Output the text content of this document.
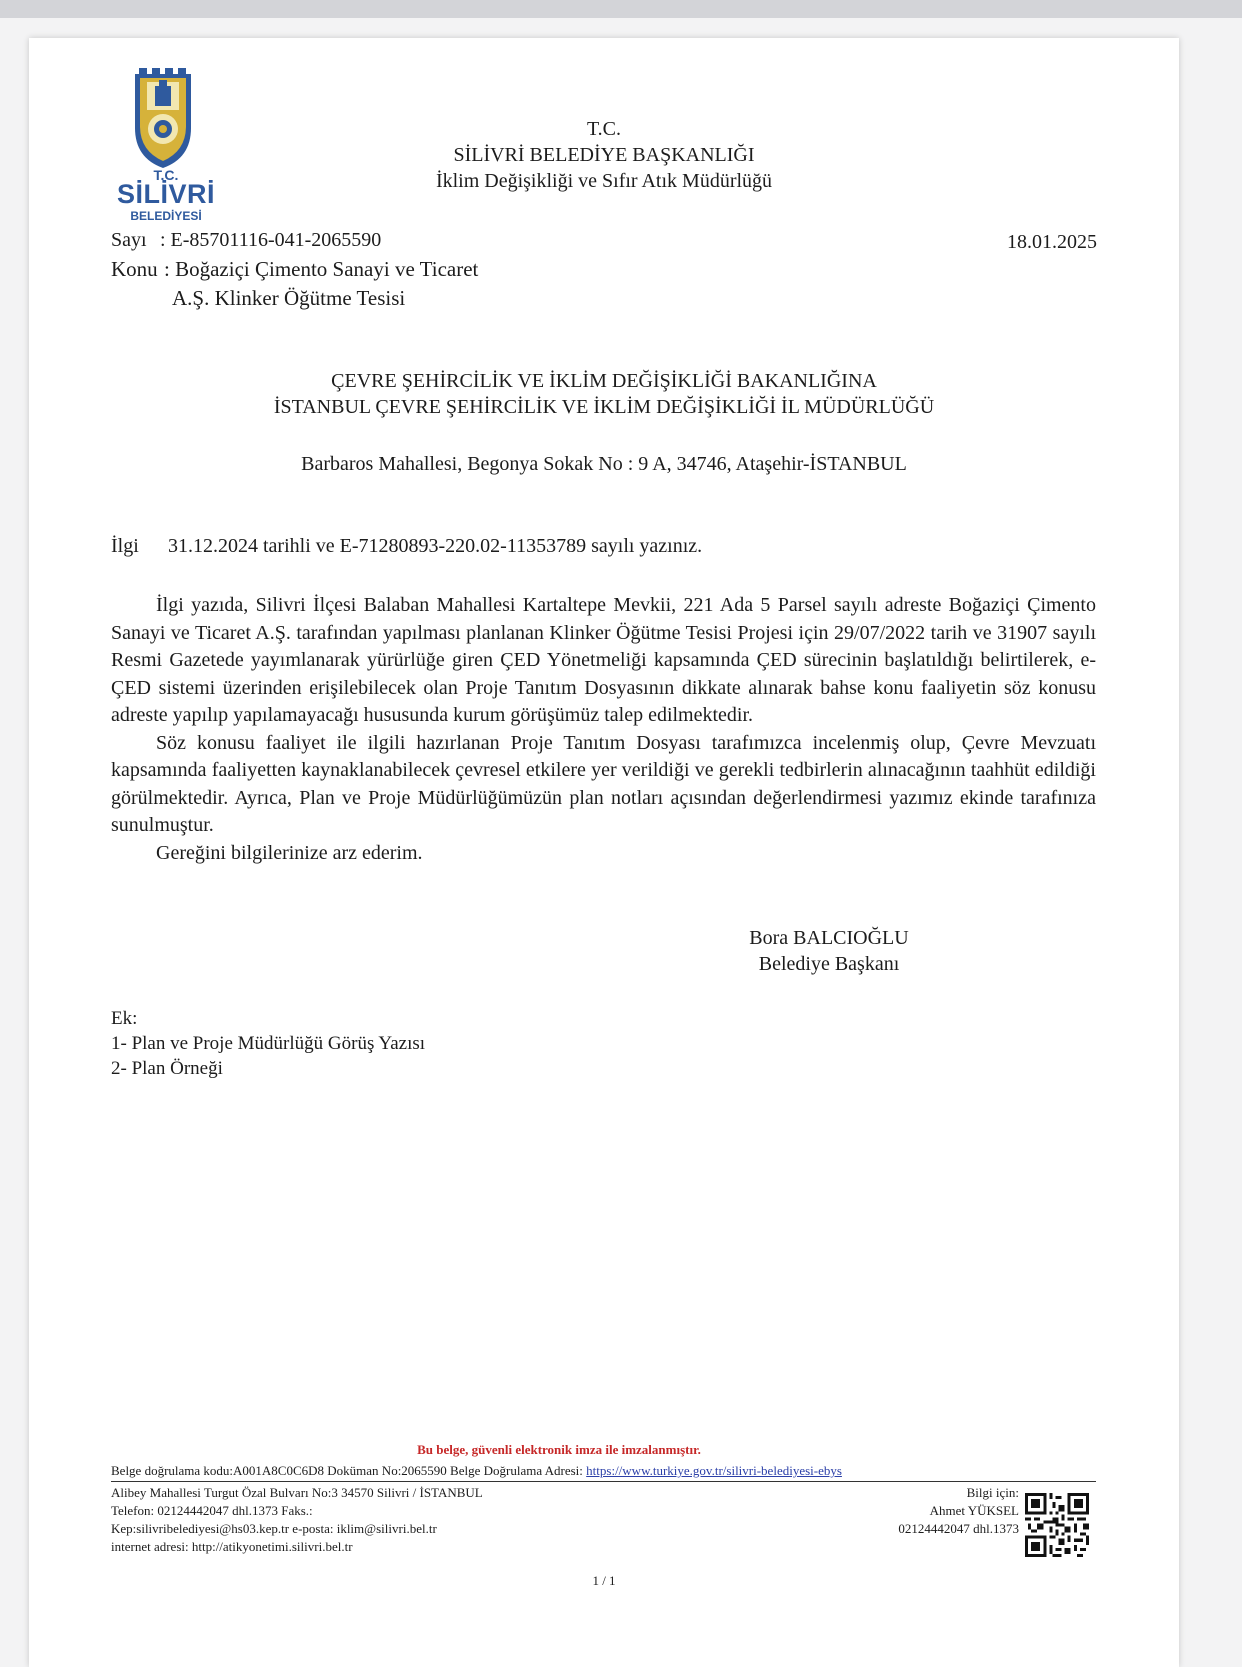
T.C.
SİLİVRİ
BELEDİYESİ
T.C.
SİLİVRİ BELEDİYE BAŞKANLIĞI
İklim Değişikliği ve Sıfır Atık Müdürlüğü
Sayı : E-85701116-041-2065590	18.01.2025
Konu : Boğaziçi Çimento Sanayi ve Ticaret
A.Ş. Klinker Öğütme Tesisi
ÇEVRE ŞEHİRCİLİK VE İKLİM DEĞİŞİKLİĞİ BAKANLIĞINA
İSTANBUL ÇEVRE ŞEHİRCİLİK VE İKLİM DEĞİŞİKLİĞİ İL MÜDÜRLÜĞÜ
Barbaros Mahallesi, Begonya Sokak No : 9 A, 34746, Ataşehir-İSTANBUL
İlgi 31.12.2024 tarihli ve E-71280893-220.02-11353789 sayılı yazınız.

İlgi yazıda, Silivri İlçesi Balaban Mahallesi Kartaltepe Mevkii, 221 Ada 5 Parsel sayılı adreste Boğaziçi Çimento Sanayi ve Ticaret A.Ş. tarafından yapılması planlanan Klinker Öğütme Tesisi Projesi için 29/07/2022 tarih ve 31907 sayılı Resmi Gazetede yayımlanarak yürürlüğe giren ÇED Yönetmeliği kapsamında ÇED sürecinin başlatıldığı belirtilerek, e-ÇED sistemi üzerinden erişilebilecek olan Proje Tanıtım Dosyasının dikkate alınarak bahse konu faaliyetin söz konusu adreste yapılıp yapılamayacağı hususunda kurum görüşümüz talep edilmektedir.

Söz konusu faaliyet ile ilgili hazırlanan Proje Tanıtım Dosyası tarafımızca incelenmiş olup, Çevre Mevzuatı kapsamında faaliyetten kaynaklanabilecek çevresel etkilere yer verildiği ve gerekli tedbirlerin alınacağının taahhüt edildiği görülmektedir. Ayrıca, Plan ve Proje Müdürlüğümüzün plan notları açısından değerlendirmesi yazımız ekinde tarafınıza sunulmuştur.

Gereğini bilgilerinize arz ederim.

Bora BALCIOĞLU
Belediye Başkanı
Ek:
1- Plan ve Proje Müdürlüğü Görüş Yazısı
2- Plan Örneği
Bu belge, güvenli elektronik imza ile imzalanmıştır.
Belge doğrulama kodu:A001A8C0C6D8 Doküman No:2065590 Belge Doğrulama Adresi: https://www.turkiye.gov.tr/silivri-belediyesi-ebys
Alibey Mahallesi Turgut Özal Bulvarı No:3 34570 Silivri / İSTANBUL
Telefon: 02124442047 dhl.1373 Faks.:
Kep:silivribelediyesi@hs03.kep.tr e-posta: iklim@silivri.bel.tr
internet adresi: http://atikyonetimi.silivri.bel.tr
Bilgi için:
Ahmet YÜKSEL
02124442047 dhl.1373
1 / 1
